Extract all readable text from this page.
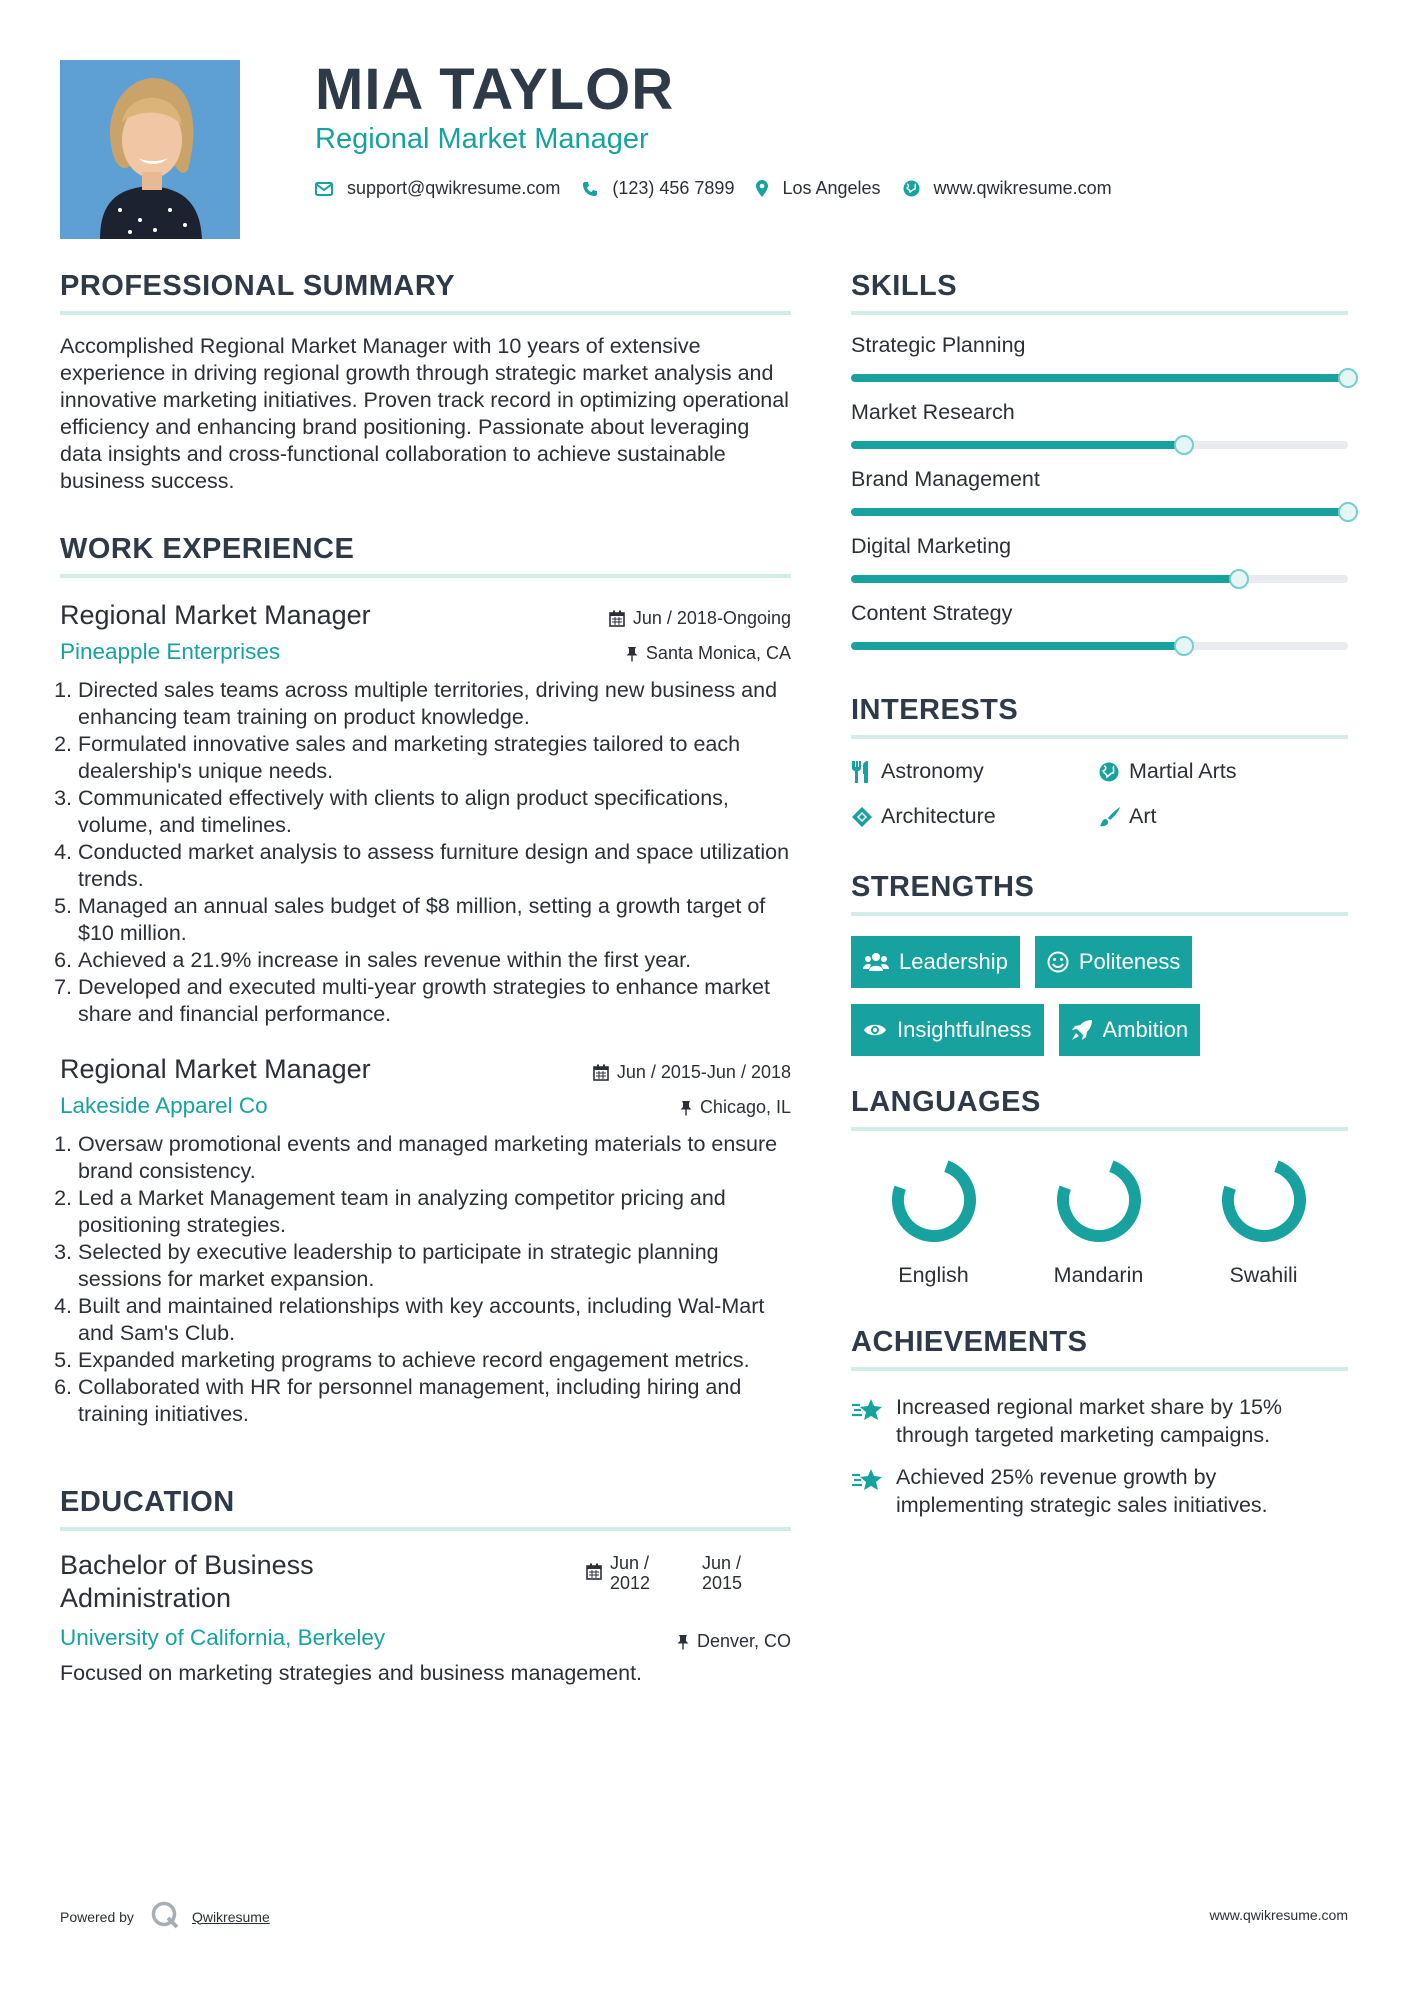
MIA TAYLOR
Regional Market Manager
support@qwikresume.com	(123) 456 7899	Los Angeles	www.qwikresume.com
PROFESSIONAL SUMMARY
Accomplished Regional Market Manager with 10 years of extensive experience in driving regional growth through strategic market analysis and innovative marketing initiatives. Proven track record in optimizing operational efficiency and enhancing brand positioning. Passionate about leveraging data insights and cross-functional collaboration to achieve sustainable business success.
WORK EXPERIENCE
Regional Market Manager
Pineapple Enterprises
Jun / 2018-Ongoing
Santa Monica, CA
1. Directed sales teams across multiple territories, driving new business and enhancing team training on product knowledge.
2. Formulated innovative sales and marketing strategies tailored to each dealership's unique needs.
3. Communicated effectively with clients to align product specifications, volume, and timelines.
4. Conducted market analysis to assess furniture design and space utilization trends.
5. Managed an annual sales budget of $8 million, setting a growth target of $10 million.
6. Achieved a 21.9% increase in sales revenue within the first year.
7. Developed and executed multi-year growth strategies to enhance market share and financial performance.
Regional Market Manager
Lakeside Apparel Co
Jun / 2015-Jun / 2018
Chicago, IL
1. Oversaw promotional events and managed marketing materials to ensure brand consistency.
2. Led a Market Management team in analyzing competitor pricing and positioning strategies.
3. Selected by executive leadership to participate in strategic planning sessions for market expansion.
4. Built and maintained relationships with key accounts, including Wal-Mart and Sam's Club.
5. Expanded marketing programs to achieve record engagement metrics.
6. Collaborated with HR for personnel management, including hiring and training initiatives.
EDUCATION
Bachelor of Business Administration
University of California, Berkeley
Focused on marketing strategies and business management.
Jun / 2012
Jun / 2015
Denver, CO
SKILLS
Strategic Planning
Market Research
Brand Management
Digital Marketing
Content Strategy
INTERESTS
Astronomy	Martial Arts
Architecture	Art
STRENGTHS
Leadership	Politeness
Insightfulness	Ambition
LANGUAGES
English	Mandarin	Swahili
ACHIEVEMENTS
Increased regional market share by 15% through targeted marketing campaigns.
Achieved 25% revenue growth by implementing strategic sales initiatives.
Powered by	Qwikresume	www.qwikresume.com
